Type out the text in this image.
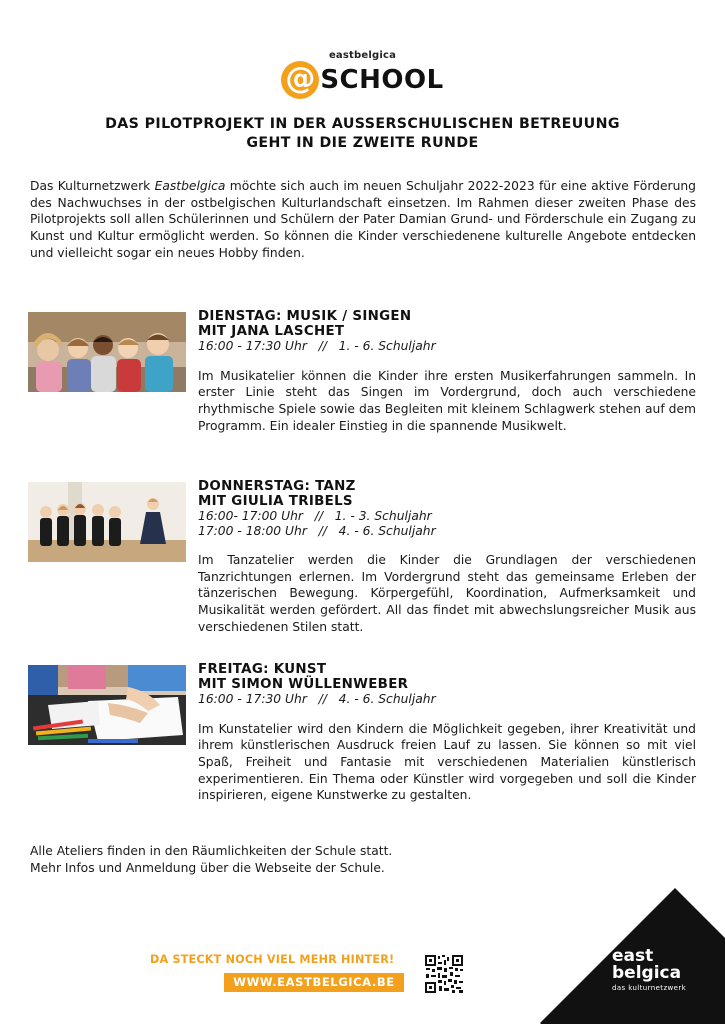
eastbelgica
@ SCHOOL
DAS PILOTPROJEKT IN DER AUSSERSCHULISCHEN BETREUUNG
GEHT IN DIE ZWEITE RUNDE
Das Kulturnetzwerk Eastbelgica möchte sich auch im neuen Schuljahr 2022-2023 für eine aktive Förderung des Nachwuchses in der ostbelgischen Kulturlandschaft einsetzen. Im Rahmen dieser zweiten Phase des Pilotprojekts soll allen Schülerinnen und Schülern der Pater Damian Grund- und Förderschule ein Zugang zu Kunst und Kultur ermöglicht werden. So können die Kinder verschiedenene kulturelle Angebote entdecken und vielleicht sogar ein neues Hobby finden.
DIENSTAG: MUSIK / SINGEN
MIT JANA LASCHET
16:00 - 17:30 Uhr   //   1. - 6. Schuljahr
Im Musikatelier können die Kinder ihre ersten Musikerfahrungen sammeln. In erster Linie steht das Singen im Vordergrund, doch auch verschiedene rhythmische Spiele sowie das Begleiten mit kleinem Schlagwerk stehen auf dem Programm. Ein idealer Einstieg in die spannende Musikwelt.
DONNERSTAG: TANZ
MIT GIULIA TRIBELS
16:00- 17:00 Uhr   //   1. - 3. Schuljahr
17:00 - 18:00 Uhr   //   4. - 6. Schuljahr
Im Tanzatelier werden die Kinder die Grundlagen der verschiedenen Tanzrichtungen erlernen. Im Vordergrund steht das gemeinsame Erleben der tänzerischen Bewegung. Körpergefühl, Koordination, Aufmerksamkeit und Musikalität werden gefördert. All das findet mit abwechslungsreicher Musik aus verschiedenen Stilen statt.
FREITAG: KUNST
MIT SIMON WÜLLENWEBER
16:00 - 17:30 Uhr   //   4. - 6. Schuljahr
Im Kunstatelier wird den Kindern die Möglichkeit gegeben, ihrer Kreativität und ihrem künstlerischen Ausdruck freien Lauf zu lassen. Sie können so mit viel Spaß, Freiheit und Fantasie mit verschiedenen Materialien künstlerisch experimentieren. Ein Thema oder Künstler wird vorgegeben und soll die Kinder inspirieren, eigene Kunstwerke zu gestalten.
Alle Ateliers finden in den Räumlichkeiten der Schule statt.
Mehr Infos und Anmeldung über die Webseite der Schule.
DA STECKT NOCH VIEL MEHR HINTER!
WWW.EASTBELGICA.BE
east
belgica
das kulturnetzwerk
